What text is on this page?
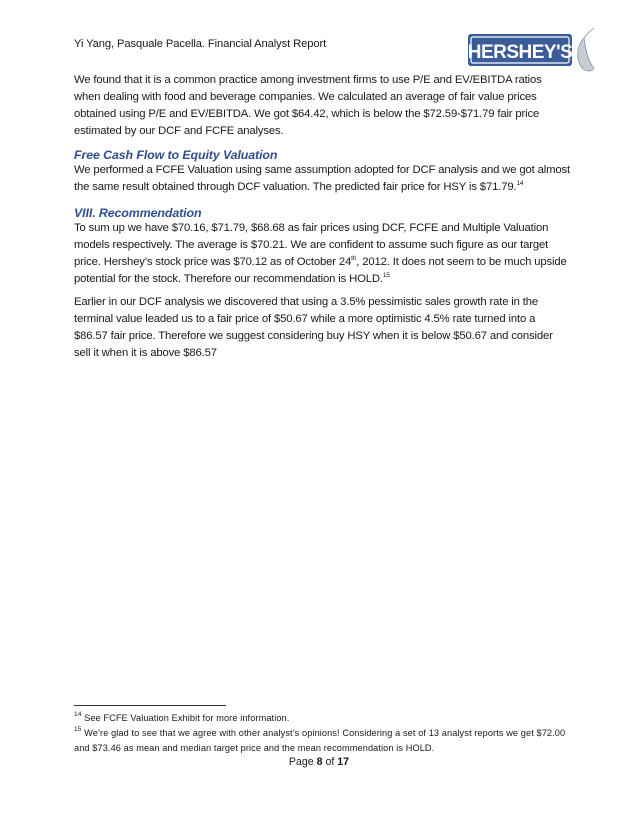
Yi Yang, Pasquale Pacella. Financial Analyst Report	HERSHEY'S

We found that it is a common practice among investment firms to use P/E and EV/EBITDA ratios when dealing with food and beverage companies. We calculated an average of fair value prices obtained using P/E and EV/EBITDA. We got $64.42, which is below the $72.59-$71.79 fair price estimated by our DCF and FCFE analyses.

Free Cash Flow to Equity Valuation

We performed a FCFE Valuation using same assumption adopted for DCF analysis and we got almost the same result obtained through DCF valuation. The predicted fair price for HSY is $71.79.14

VIII. Recommendation

To sum up we have $70.16, $71.79, $68.68 as fair prices using DCF, FCFE and Multiple Valuation models respectively. The average is $70.21. We are confident to assume such figure as our target price. Hershey’s stock price was $70.12 as of October 24th, 2012. It does not seem to be much upside potential for the stock. Therefore our recommendation is HOLD.$^{15}$

Earlier in our DCF analysis we discovered that using a 3.5% pessimistic sales growth rate in the terminal value leaded us to a fair price of $50.67 while a more optimistic 4.5% rate turned into a $86.57 fair price. Therefore we suggest considering buy HSY when it is below $50.67 and consider sell it when it is above $86.57

$^{14}$ See FCFE Valuation Exhibit for more information.

$^{15}$ We’re glad to see that we agree with other analyst’s opinions! Considering a set of 13 analyst reports we get $72.00 and $73.46 as mean and median target price and the mean recommendation is HOLD.

Page 8 of 17
